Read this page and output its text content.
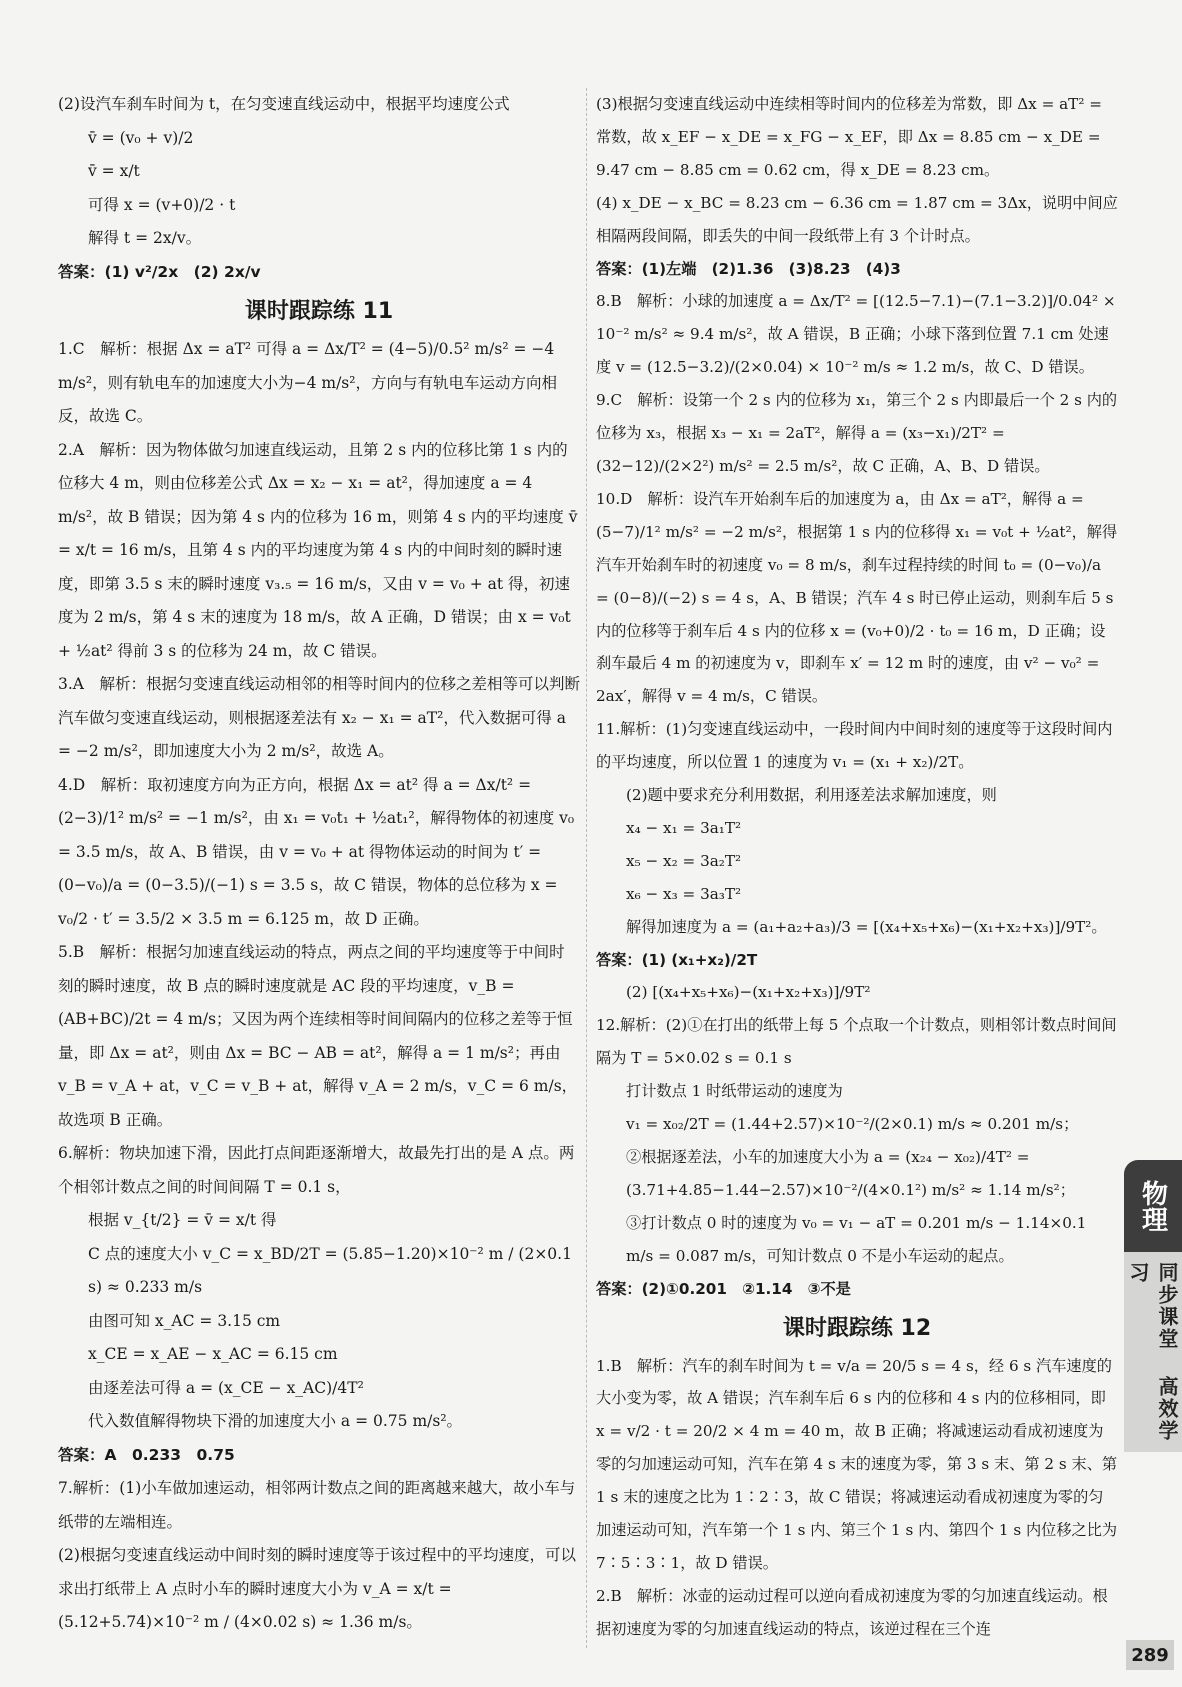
(2)设汽车刹车时间为 t，在匀变速直线运动中，根据平均速度公式

v̄ = (v₀ + v)/2

v̄ = x/t

可得 x = (v+0)/2 · t

解得 t = 2x/v。

答案：(1) v²/2x　(2) 2x/v

课时跟踪练 11

1.C　解析：根据 Δx = aT² 可得 a = Δx/T² = (4−5)/0.5² m/s² = −4 m/s²，则有轨电车的加速度大小为−4 m/s²，方向与有轨电车运动方向相反，故选 C。

2.A　解析：因为物体做匀加速直线运动，且第 2 s 内的位移比第 1 s 内的位移大 4 m，则由位移差公式 Δx = x₂ − x₁ = at²，得加速度 a = 4 m/s²，故 B 错误；因为第 4 s 内的位移为 16 m，则第 4 s 内的平均速度 v̄ = x/t = 16 m/s，且第 4 s 内的平均速度为第 4 s 内的中间时刻的瞬时速度，即第 3.5 s 末的瞬时速度 v₃.₅ = 16 m/s，又由 v = v₀ + at 得，初速度为 2 m/s，第 4 s 末的速度为 18 m/s，故 A 正确，D 错误；由 x = v₀t + ½at² 得前 3 s 的位移为 24 m，故 C 错误。

3.A　解析：根据匀变速直线运动相邻的相等时间内的位移之差相等可以判断汽车做匀变速直线运动，则根据逐差法有 x₂ − x₁ = aT²，代入数据可得 a = −2 m/s²，即加速度大小为 2 m/s²，故选 A。

4.D　解析：取初速度方向为正方向，根据 Δx = at² 得 a = Δx/t² = (2−3)/1² m/s² = −1 m/s²，由 x₁ = v₀t₁ + ½at₁²，解得物体的初速度 v₀ = 3.5 m/s，故 A、B 错误，由 v = v₀ + at 得物体运动的时间为 t′ = (0−v₀)/a = (0−3.5)/(−1) s = 3.5 s，故 C 错误，物体的总位移为 x = v₀/2 · t′ = 3.5/2 × 3.5 m = 6.125 m，故 D 正确。

5.B　解析：根据匀加速直线运动的特点，两点之间的平均速度等于中间时刻的瞬时速度，故 B 点的瞬时速度就是 AC 段的平均速度，v_B = (AB+BC)/2t = 4 m/s；又因为两个连续相等时间间隔内的位移之差等于恒量，即 Δx = at²，则由 Δx = BC − AB = at²，解得 a = 1 m/s²；再由 v_B = v_A + at，v_C = v_B + at，解得 v_A = 2 m/s，v_C = 6 m/s，故选项 B 正确。

6.解析：物块加速下滑，因此打点间距逐渐增大，故最先打出的是 A 点。两个相邻计数点之间的时间间隔 T = 0.1 s，

根据 v_{t/2} = v̄ = x/t 得

C 点的速度大小 v_C = x_BD/2T = (5.85−1.20)×10⁻² m / (2×0.1 s) ≈ 0.233 m/s

由图可知 x_AC = 3.15 cm

x_CE = x_AE − x_AC = 6.15 cm

由逐差法可得 a = (x_CE − x_AC)/4T²

代入数值解得物块下滑的加速度大小 a = 0.75 m/s²。

答案：A　0.233　0.75

7.解析：(1)小车做加速运动，相邻两计数点之间的距离越来越大，故小车与纸带的左端相连。

(2)根据匀变速直线运动中间时刻的瞬时速度等于该过程中的平均速度，可以求出打纸带上 A 点时小车的瞬时速度大小为 v_A = x/t =

(5.12+5.74)×10⁻² m / (4×0.02 s) ≈ 1.36 m/s。

(3)根据匀变速直线运动中连续相等时间内的位移差为常数，即 Δx = aT² = 常数，故 x_EF − x_DE = x_FG − x_EF，即 Δx = 8.85 cm − x_DE = 9.47 cm − 8.85 cm = 0.62 cm，得 x_DE = 8.23 cm。

(4) x_DE − x_BC = 8.23 cm − 6.36 cm = 1.87 cm = 3Δx，说明中间应相隔两段间隔，即丢失的中间一段纸带上有 3 个计时点。

答案：(1)左端　(2)1.36　(3)8.23　(4)3

8.B　解析：小球的加速度 a = Δx/T² = [(12.5−7.1)−(7.1−3.2)]/0.04² × 10⁻² m/s² ≈ 9.4 m/s²，故 A 错误，B 正确；小球下落到位置 7.1 cm 处速度 v = (12.5−3.2)/(2×0.04) × 10⁻² m/s ≈ 1.2 m/s，故 C、D 错误。

9.C　解析：设第一个 2 s 内的位移为 x₁，第三个 2 s 内即最后一个 2 s 内的位移为 x₃，根据 x₃ − x₁ = 2aT²，解得 a = (x₃−x₁)/2T² = (32−12)/(2×2²) m/s² = 2.5 m/s²，故 C 正确，A、B、D 错误。

10.D　解析：设汽车开始刹车后的加速度为 a，由 Δx = aT²，解得 a = (5−7)/1² m/s² = −2 m/s²，根据第 1 s 内的位移得 x₁ = v₀t + ½at²，解得汽车开始刹车时的初速度 v₀ = 8 m/s，刹车过程持续的时间 t₀ = (0−v₀)/a = (0−8)/(−2) s = 4 s，A、B 错误；汽车 4 s 时已停止运动，则刹车后 5 s 内的位移等于刹车后 4 s 内的位移 x = (v₀+0)/2 · t₀ = 16 m，D 正确；设刹车最后 4 m 的初速度为 v，即刹车 x′ = 12 m 时的速度，由 v² − v₀² = 2ax′，解得 v = 4 m/s，C 错误。

11.解析：(1)匀变速直线运动中，一段时间内中间时刻的速度等于这段时间内的平均速度，所以位置 1 的速度为 v₁ = (x₁ + x₂)/2T。

(2)题中要求充分利用数据，利用逐差法求解加速度，则

x₄ − x₁ = 3a₁T²

x₅ − x₂ = 3a₂T²

x₆ − x₃ = 3a₃T²

解得加速度为 a = (a₁+a₂+a₃)/3 = [(x₄+x₅+x₆)−(x₁+x₂+x₃)]/9T²。

答案：(1) (x₁+x₂)/2T

(2) [(x₄+x₅+x₆)−(x₁+x₂+x₃)]/9T²

12.解析：(2)①在打出的纸带上每 5 个点取一个计数点，则相邻计数点时间间隔为 T = 5×0.02 s = 0.1 s

打计数点 1 时纸带运动的速度为

v₁ = x₀₂/2T = (1.44+2.57)×10⁻²/(2×0.1) m/s ≈ 0.201 m/s；

②根据逐差法，小车的加速度大小为 a = (x₂₄ − x₀₂)/4T² = (3.71+4.85−1.44−2.57)×10⁻²/(4×0.1²) m/s² ≈ 1.14 m/s²；

③打计数点 0 时的速度为 v₀ = v₁ − aT = 0.201 m/s − 1.14×0.1 m/s = 0.087 m/s，可知计数点 0 不是小车运动的起点。

答案：(2)①0.201　②1.14　③不是

课时跟踪练 12

1.B　解析：汽车的刹车时间为 t = v/a = 20/5 s = 4 s，经 6 s 汽车速度的大小变为零，故 A 错误；汽车刹车后 6 s 内的位移和 4 s 内的位移相同，即 x = v/2 · t = 20/2 × 4 m = 40 m，故 B 正确；将减速运动看成初速度为零的匀加速运动可知，汽车在第 4 s 末的速度为零，第 3 s 末、第 2 s 末、第 1 s 末的速度之比为 1∶2∶3，故 C 错误；将减速运动看成初速度为零的匀加速运动可知，汽车第一个 1 s 内、第三个 1 s 内、第四个 1 s 内位移之比为 7∶5∶3∶1，故 D 错误。

2.B　解析：冰壶的运动过程可以逆向看成初速度为零的匀加速直线运动。根据初速度为零的匀加速直线运动的特点，该逆过程在三个连

物理
同步课堂 高效学习
289
